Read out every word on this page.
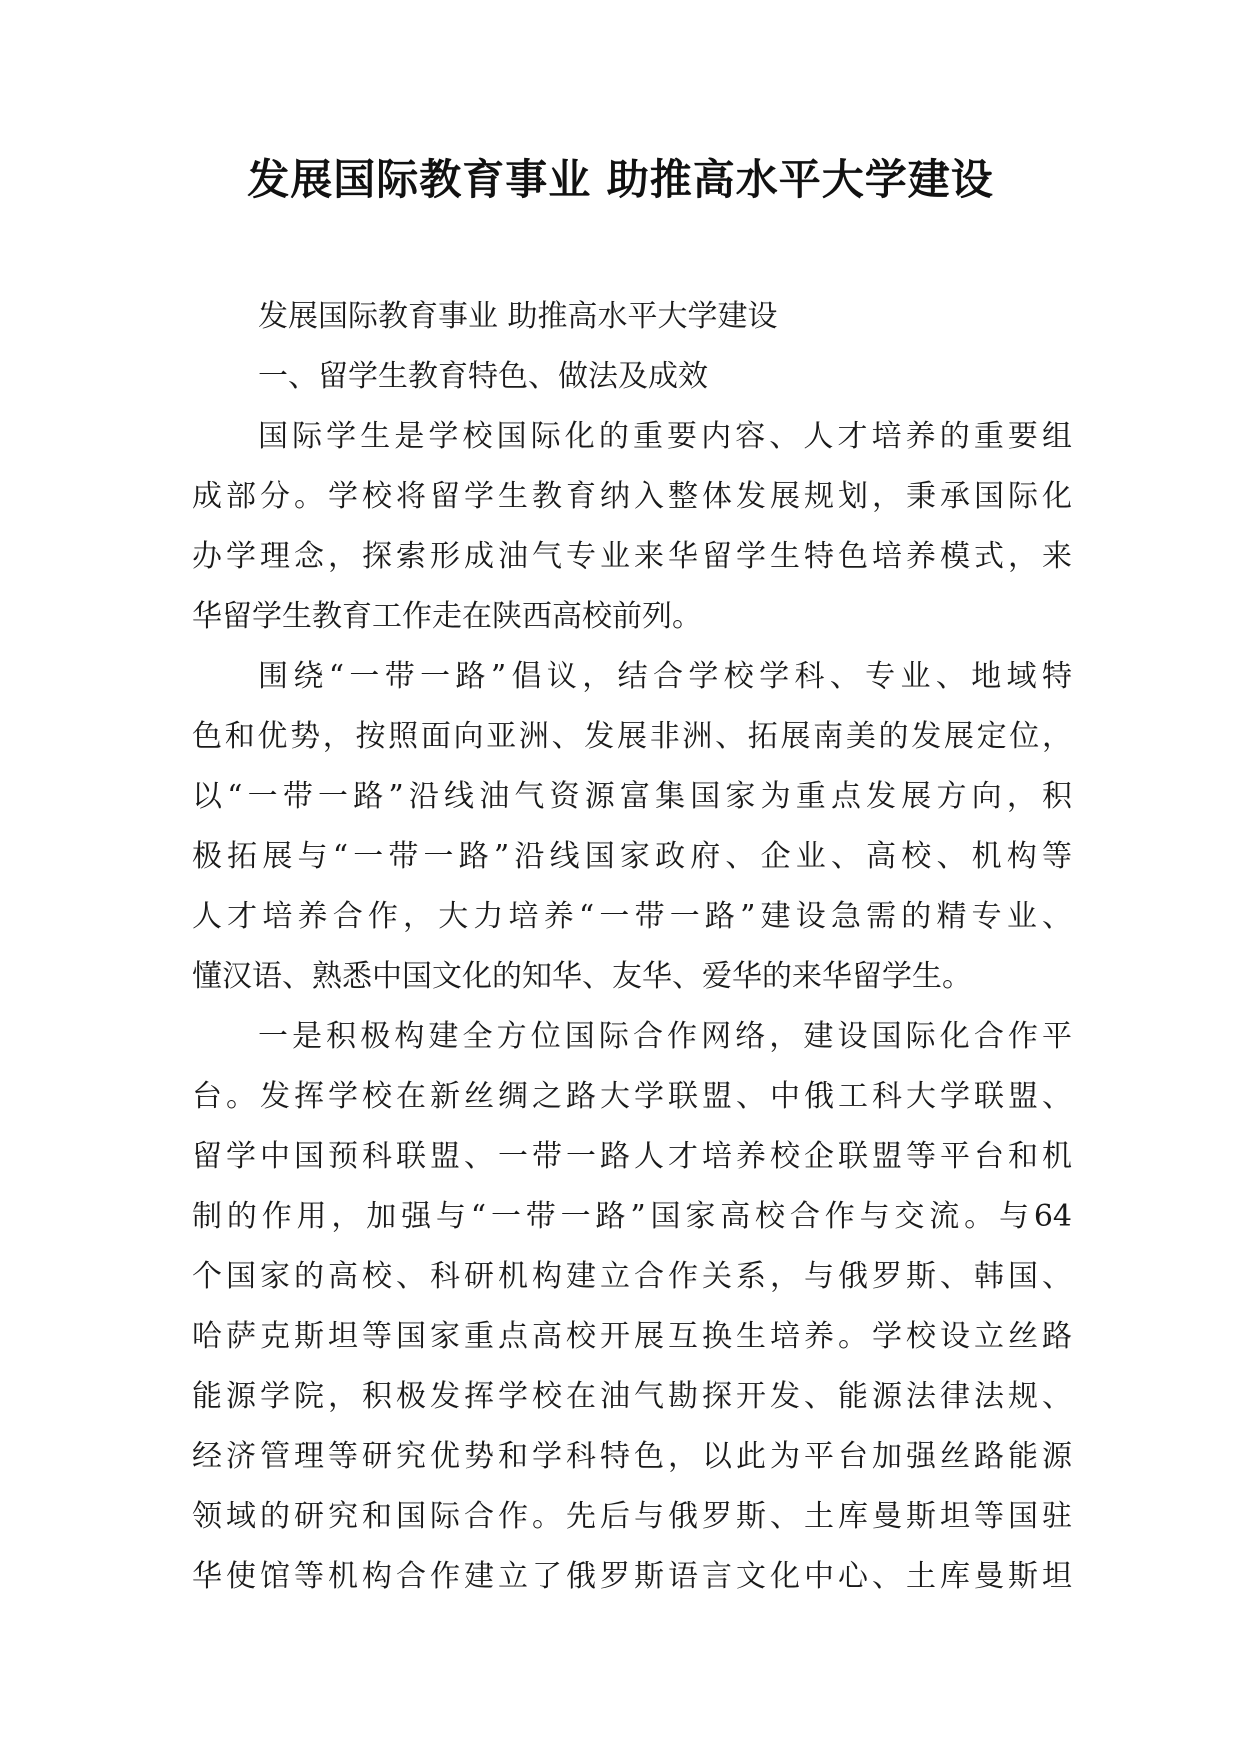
发展国际教育事业 助推高水平大学建设
发展国际教育事业 助推高水平大学建设
一、留学生教育特色、做法及成效
国际学生是学校国际化的重要内容、人才培养的重要组
成部分。学校将留学生教育纳入整体发展规划，秉承国际化
办学理念，探索形成油气专业来华留学生特色培养模式，来
华留学生教育工作走在陕西高校前列。
围绕“一带一路”倡议，结合学校学科、专业、地域特
色和优势，按照面向亚洲、发展非洲、拓展南美的发展定位，
以“一带一路”沿线油气资源富集国家为重点发展方向，积
极拓展与“一带一路”沿线国家政府、企业、高校、机构等
人才培养合作，大力培养“一带一路”建设急需的精专业、
懂汉语、熟悉中国文化的知华、友华、爱华的来华留学生。
一是积极构建全方位国际合作网络，建设国际化合作平
台。发挥学校在新丝绸之路大学联盟、中俄工科大学联盟、
留学中国预科联盟、一带一路人才培养校企联盟等平台和机
制的作用，加强与“一带一路”国家高校合作与交流。与64
个国家的高校、科研机构建立合作关系，与俄罗斯、韩国、
哈萨克斯坦等国家重点高校开展互换生培养。学校设立丝路
能源学院，积极发挥学校在油气勘探开发、能源法律法规、
经济管理等研究优势和学科特色，以此为平台加强丝路能源
领域的研究和国际合作。先后与俄罗斯、土库曼斯坦等国驻
华使馆等机构合作建立了俄罗斯语言文化中心、土库曼斯坦
